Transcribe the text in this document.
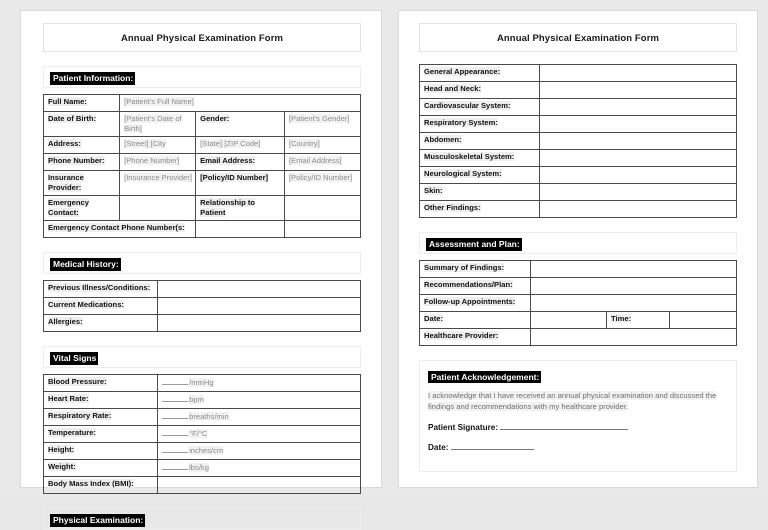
Annual Physical Examination Form
Patient Information:
Full Name:	[Patient's Full Name]		
Date of Birth:	[Patient's Date of Birth]	Gender:	[Patient's Gender]
Address:	[Street] [City	[State] [ZIP Code]	[Country]
Phone Number:	[Phone Number]	Email Address:	[Email Address]
Insurance Provider:	[Insurance Provider]	[Policy/ID Number]	[Policy/ID Number]
Emergency Contact:		Relationship to Patient	
Emergency Contact Phone Number(s:			
Medical History:
Previous Illness/Conditions:	
Current Medications:	
Allergies:	
Vital Signs
Blood Pressure:	/mmHg
Heart Rate:	bpm
Respiratory Rate:	breaths/min
Temperature:	°F/°C
Height:	inches/cm
Weight:	lbs/kg
Body Mass Index (BMI):	
Physical Examination:
Annual Physical Examination Form
General Appearance:	
Head and Neck:	
Cardiovascular System:	
Respiratory System:	
Abdomen:	
Musculoskeletal System:	
Neurological System:	
Skin:	
Other Findings:	
Assessment and Plan:
Summary of Findings:			
Recommendations/Plan:			
Follow-up Appointments:			
Date:		Time:	
Healthcare Provider:			
Patient Acknowledgement:
I acknowledge that I have received an annual physical examination and discussed the findings and recommendations with my healthcare provider.
Patient Signature:
Date:
